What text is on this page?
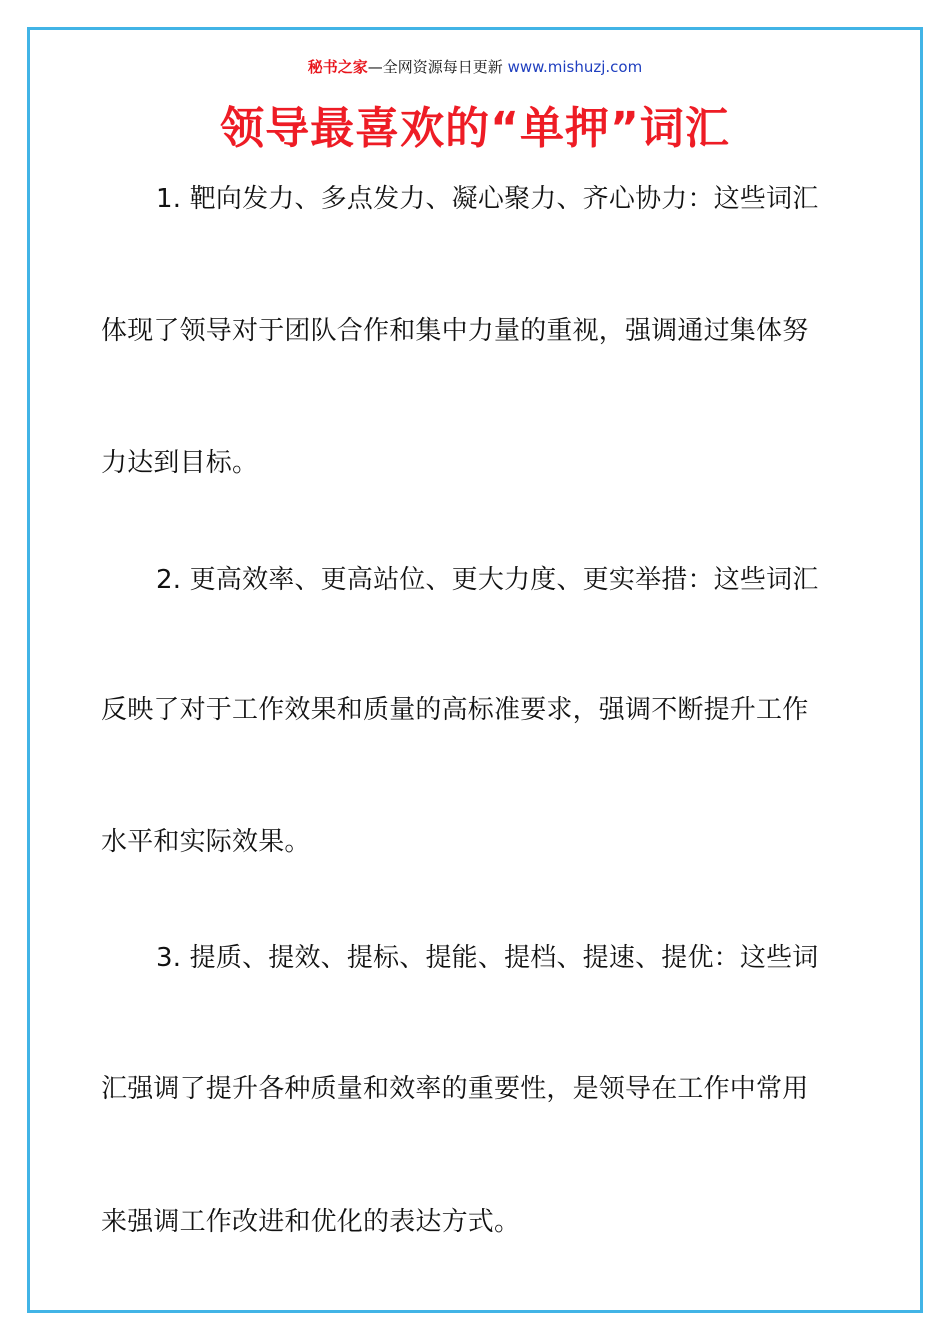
秘书之家—全网资源每日更新 www.mishuzj.com
领导最喜欢的“单押”词汇
1. 靶向发力、多点发力、凝心聚力、齐心协力：这些词汇
体现了领导对于团队合作和集中力量的重视，强调通过集体努
力达到目标。
2. 更高效率、更高站位、更大力度、更实举措：这些词汇
反映了对于工作效果和质量的高标准要求，强调不断提升工作
水平和实际效果。
3. 提质、提效、提标、提能、提档、提速、提优：这些词
汇强调了提升各种质量和效率的重要性，是领导在工作中常用
来强调工作改进和优化的表达方式。
